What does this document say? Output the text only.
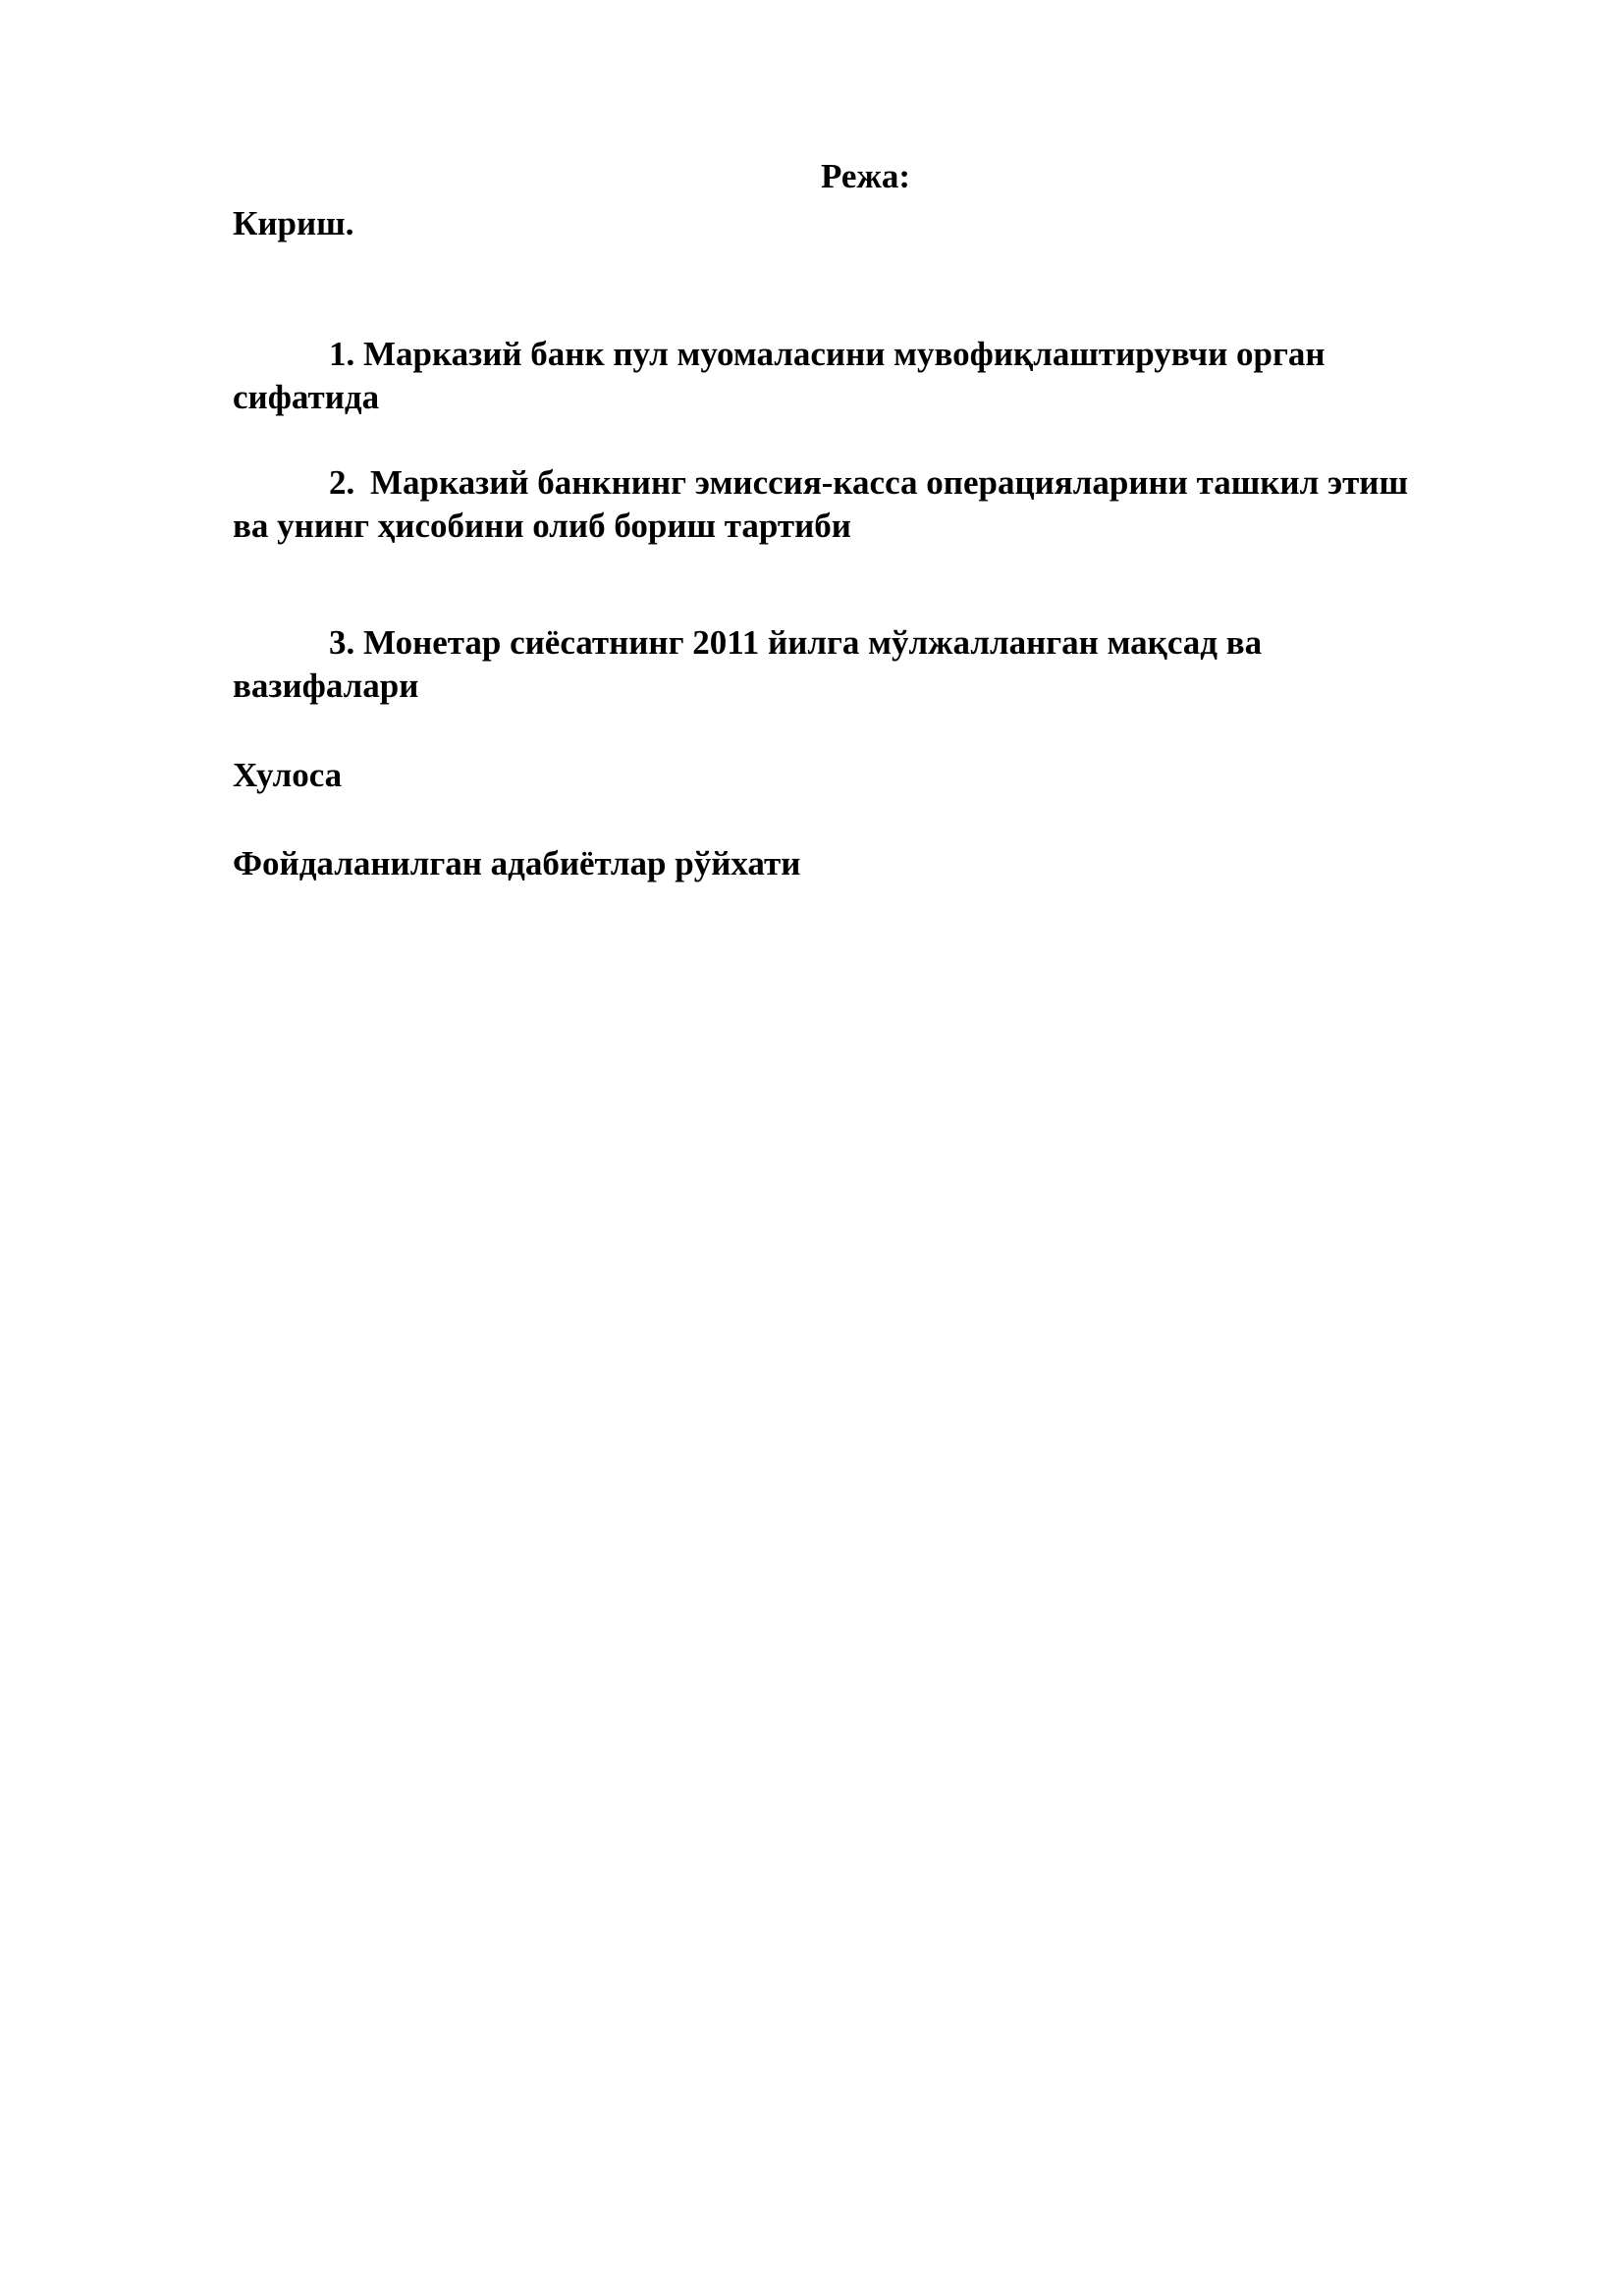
Режа:

Кириш.

1. Марказий банк пул муомаласини мувофиқлаштирувчи орган сифатида

2. Марказий банкнинг эмиссия-касса операцияларини ташкил этиш ва унинг ҳисобини олиб бориш тартиби

3. Монетар сиёсатнинг 2011 йилга мўлжалланган мақсад ва вазифалари

Хулоса

Фойдаланилган адабиётлар рўйхати
